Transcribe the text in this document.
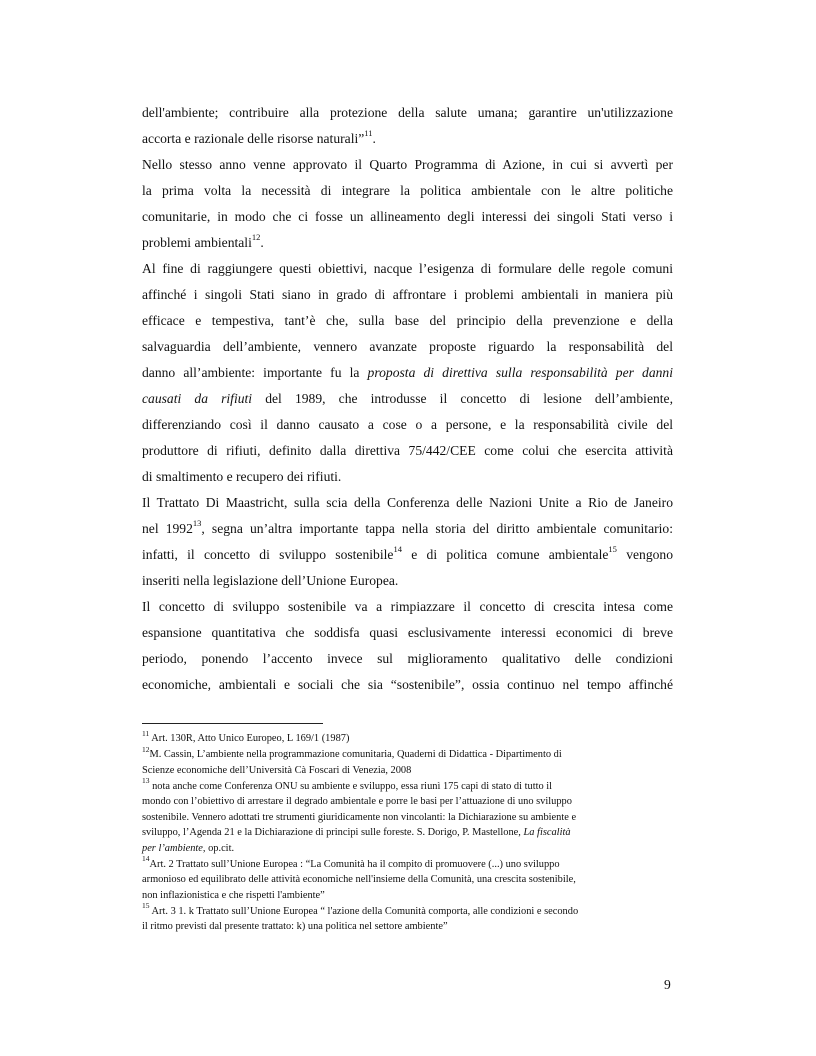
dell'ambiente; contribuire alla protezione della salute umana; garantire un'utilizzazione
accorta e razionale delle risorse naturali”$^{11}$.

Nello stesso anno venne approvato il Quarto Programma di Azione, in cui si avvertì per
la prima volta la necessità di integrare la politica ambientale con le altre politiche
comunitarie, in modo che ci fosse un allineamento degli interessi dei singoli Stati verso i
problemi ambientali$^{12}$.

Al fine di raggiungere questi obiettivi, nacque l’esigenza di formulare delle regole comuni
affinché i singoli Stati siano in grado di affrontare i problemi ambientali in maniera più
efficace e tempestiva, tant’è che, sulla base del principio della prevenzione e della
salvaguardia dell’ambiente, vennero avanzate proposte riguardo la responsabilità del
danno all’ambiente: importante fu la proposta di direttiva sulla responsabilità per danni
causati da rifiuti del 1989, che introdusse il concetto di lesione dell’ambiente,
differenziando così il danno causato a cose o a persone, e la responsabilità civile del
produttore di rifiuti, definito dalla direttiva 75/442/CEE come colui che esercita attività
di smaltimento e recupero dei rifiuti.

Il Trattato Di Maastricht, sulla scia della Conferenza delle Nazioni Unite a Rio de Janeiro
nel 1992$^{13}$, segna un’altra importante tappa nella storia del diritto ambientale comunitario:
infatti, il concetto di sviluppo sostenibile$^{14}$ e di politica comune ambientale$^{15}$ vengono
inseriti nella legislazione dell’Unione Europea.

Il concetto di sviluppo sostenibile va a rimpiazzare il concetto di crescita intesa come
espansione quantitativa che soddisfa quasi esclusivamente interessi economici di breve
periodo, ponendo l’accento invece sul miglioramento qualitativo delle condizioni
economiche, ambientali e sociali che sia “sostenibile”, ossia continuo nel tempo affinché

$^{11}$ Art. 130R, Atto Unico Europeo, L 169/1 (1987)
$^{12}$M. Cassin, L’ambiente nella programmazione comunitaria, Quaderni di Didattica - Dipartimento di
Scienze economiche dell’Università Cà Foscari di Venezia, 2008
$^{13}$ nota anche come Conferenza ONU su ambiente e sviluppo, essa riunì 175 capi di stato di tutto il
mondo con l’obiettivo di arrestare il degrado ambientale e porre le basi per l’attuazione di uno sviluppo
sostenibile. Vennero adottati tre strumenti giuridicamente non vincolanti: la Dichiarazione su ambiente e
sviluppo, l’Agenda 21 e la Dichiarazione di principi sulle foreste. S. Dorigo, P. Mastellone, La fiscalità
per l’ambiente, op.cit.
$^{14}$Art. 2 Trattato sull’Unione Europea : “La Comunità ha il compito di promuovere (...) uno sviluppo
armonioso ed equilibrato delle attività economiche nell'insieme della Comunità, una crescita sostenibile,
non inflazionistica e che rispetti l'ambiente”
$^{15}$ Art. 3 1. k Trattato sull’Unione Europea “ l'azione della Comunità comporta, alle condizioni e secondo
il ritmo previsti dal presente trattato: k) una politica nel settore ambiente”
9
